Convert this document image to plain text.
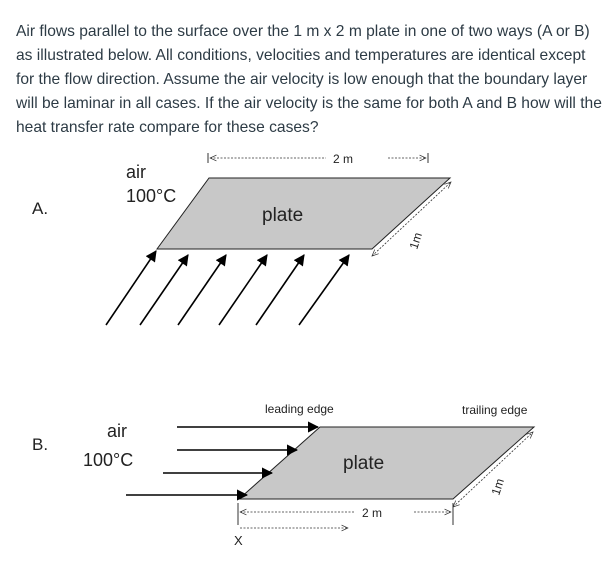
Air flows parallel to the surface over the 1 m x 2 m plate in one of two ways (A or B) as illustrated below. All conditions, velocities and temperatures are identical except for the flow direction. Assume the air velocity is low enough that the boundary layer will be laminar in all cases. If the air velocity is the same for both A and B how will the heat transfer rate compare for these cases?

A.
air
100°C
2 m
plate
1m
B.
air
100°C
leading edge	trailing edge
plate
1m
2 m
X
